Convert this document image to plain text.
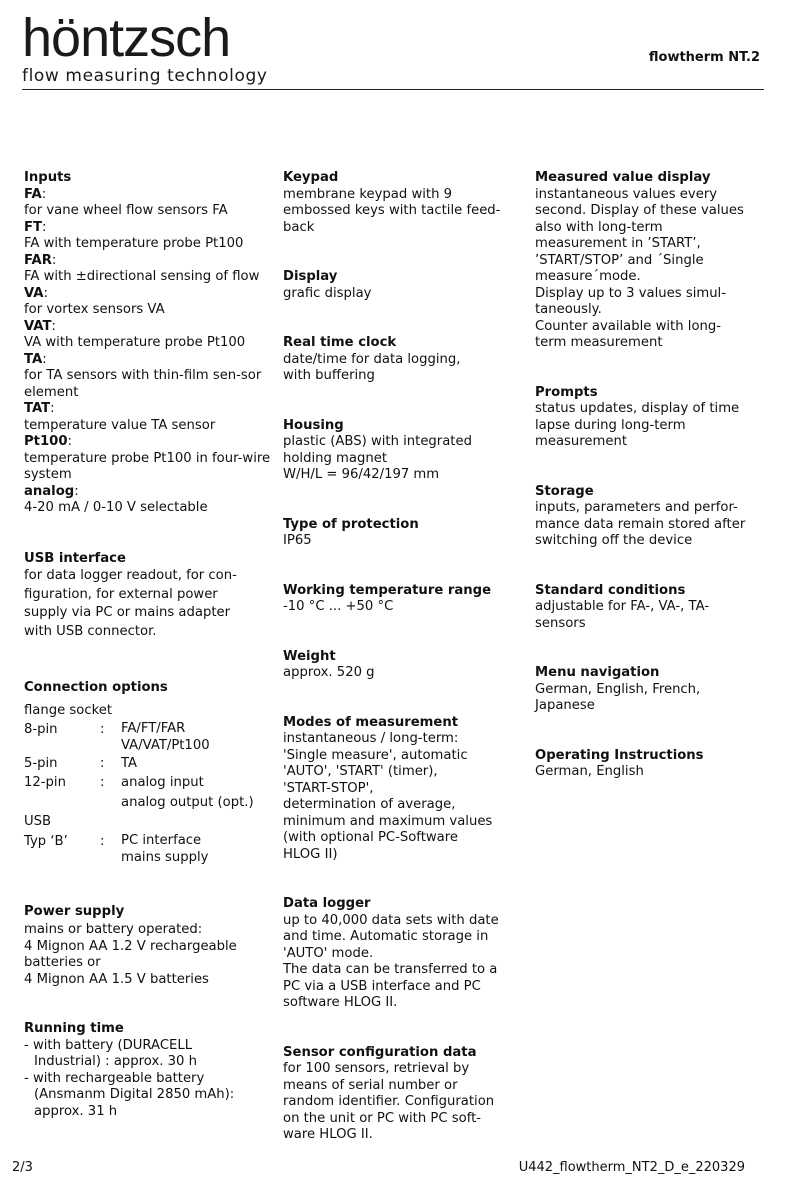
höntzsch
flow measuring technology
flowtherm NT.2
Inputs
FA:
for vane wheel flow sensors FA
FT:
FA with temperature probe Pt100
FAR:
FA with ±directional sensing of flow
VA:
for vortex sensors VA
VAT:
VA with temperature probe Pt100
TA:
for TA sensors with thin-film sen-sor element
TAT:
temperature value TA sensor
Pt100:
temperature probe Pt100 in four-wire system
analog:
4-20 mA / 0-10 V selectable
USB interface
for data logger readout, for con-
figuration, for external power
supply via PC or mains adapter
with USB connector.
Connection options
flange socket
8-pin	:	FA/FT/FAR
VA/VAT/Pt100

5-pin	:	TA
12-pin	:	analog input
analog output (opt.)

USB		
Typ ‘B’	:	PC interface
mains supply
Power supply
mains or battery operated:
4 Mignon AA 1.2 V rechargeable
batteries or
4 Mignon AA 1.5 V batteries
Running time
- with battery (DURACELL
Industrial) : approx. 30 h
- with rechargeable battery
(Ansmanm Digital 2850 mAh):
approx. 31 h
Keypad
membrane keypad with 9
embossed keys with tactile feed-
back
Display
grafic display
Real time clock
date/time for data logging,
with buffering
Housing
plastic (ABS) with integrated
holding magnet
W/H/L = 96/42/197 mm
Type of protection
IP65
Working temperature range
-10 °C ... +50 °C
Weight
approx. 520 g
Modes of measurement
instantaneous / long-term:
'Single measure', automatic
'AUTO', 'START' (timer),
'START-STOP',
determination of average,
minimum and maximum values
(with optional PC-Software
HLOG II)
Data logger
up to 40,000 data sets with date
and time. Automatic storage in
'AUTO' mode.
The data can be transferred to a
PC via a USB interface and PC
software HLOG II.
Sensor configuration data
for 100 sensors, retrieval by
means of serial number or
random identifier. Configuration
on the unit or PC with PC soft-
ware HLOG II.
Measured value display
instantaneous values every
second. Display of these values
also with long-term
measurement in ’START’,
’START/STOP’ and ´Single
measure´mode.
Display up to 3 values simul-
taneously.
Counter available with long-
term measurement
Prompts
status updates, display of time
lapse during long-term
measurement
Storage
inputs, parameters and perfor-
mance data remain stored after
switching off the device
Standard conditions
adjustable for FA-, VA-, TA-
sensors
Menu navigation
German, English, French,
Japanese
Operating Instructions
German, English
2/3	U442_flowtherm_NT2_D_e_220329
